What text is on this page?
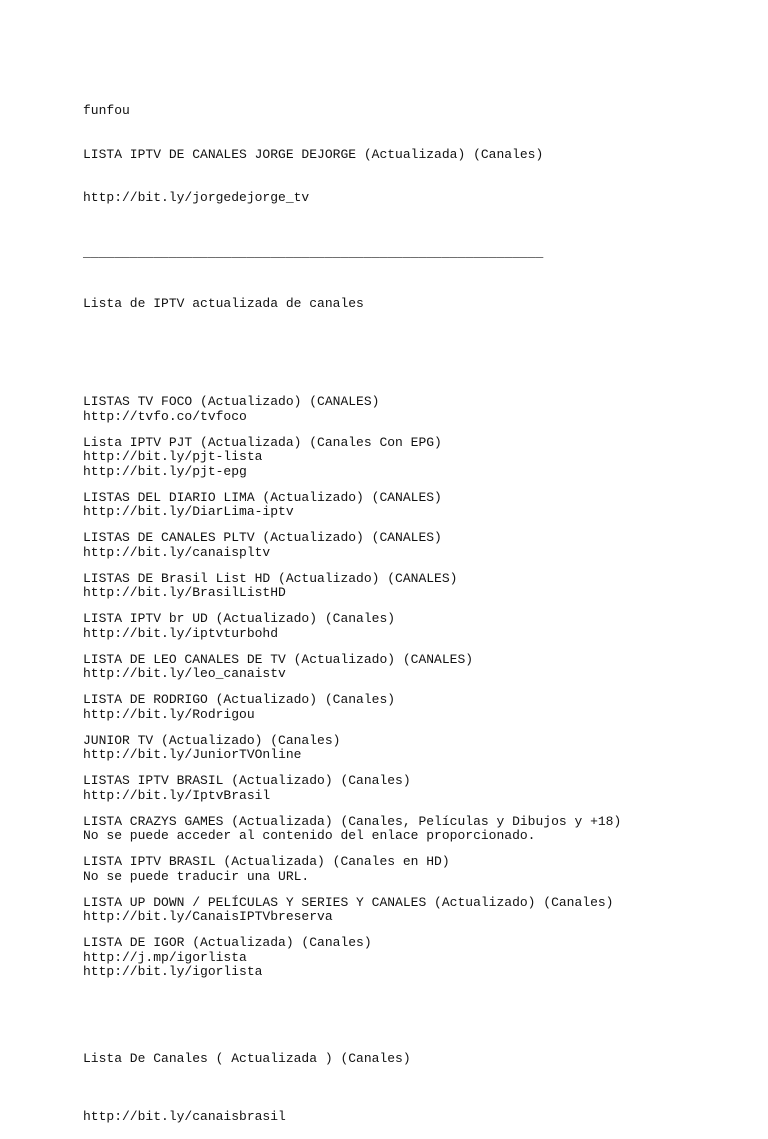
funfou

LISTA IPTV DE CANALES JORGE DEJORGE (Actualizada) (Canales)

http://bit.ly/jorgedejorge_tv

___________________________________________________________

Lista de IPTV actualizada de canales

LISTAS TV FOCO (Actualizado) (CANALES)
http://tvfo.co/tvfoco
Lista IPTV PJT (Actualizada) (Canales Con EPG)
http://bit.ly/pjt-lista
http://bit.ly/pjt-epg
LISTAS DEL DIARIO LIMA (Actualizado) (CANALES)
http://bit.ly/DiarLima-iptv
LISTAS DE CANALES PLTV (Actualizado) (CANALES)
http://bit.ly/canaispltv
LISTAS DE Brasil List HD (Actualizado) (CANALES)
http://bit.ly/BrasilListHD
LISTA IPTV br UD (Actualizado) (Canales)
http://bit.ly/iptvturbohd
LISTA DE LEO CANALES DE TV (Actualizado) (CANALES)
http://bit.ly/leo_canaistv
LISTA DE RODRIGO (Actualizado) (Canales)
http://bit.ly/Rodrigou
JUNIOR TV (Actualizado) (Canales)
http://bit.ly/JuniorTVOnline
LISTAS IPTV BRASIL (Actualizado) (Canales)
http://bit.ly/IptvBrasil
LISTA CRAZYS GAMES (Actualizada) (Canales, Películas y Dibujos y +18)
No se puede acceder al contenido del enlace proporcionado.
LISTA IPTV BRASIL (Actualizada) (Canales en HD)
No se puede traducir una URL.
LISTA UP DOWN / PELÍCULAS Y SERIES Y CANALES (Actualizado) (Canales)
http://bit.ly/CanaisIPTVbreserva
LISTA DE IGOR (Actualizada) (Canales)
http://j.mp/igorlista
http://bit.ly/igorlista

Lista De Canales ( Actualizada ) (Canales)

http://bit.ly/canaisbrasil
